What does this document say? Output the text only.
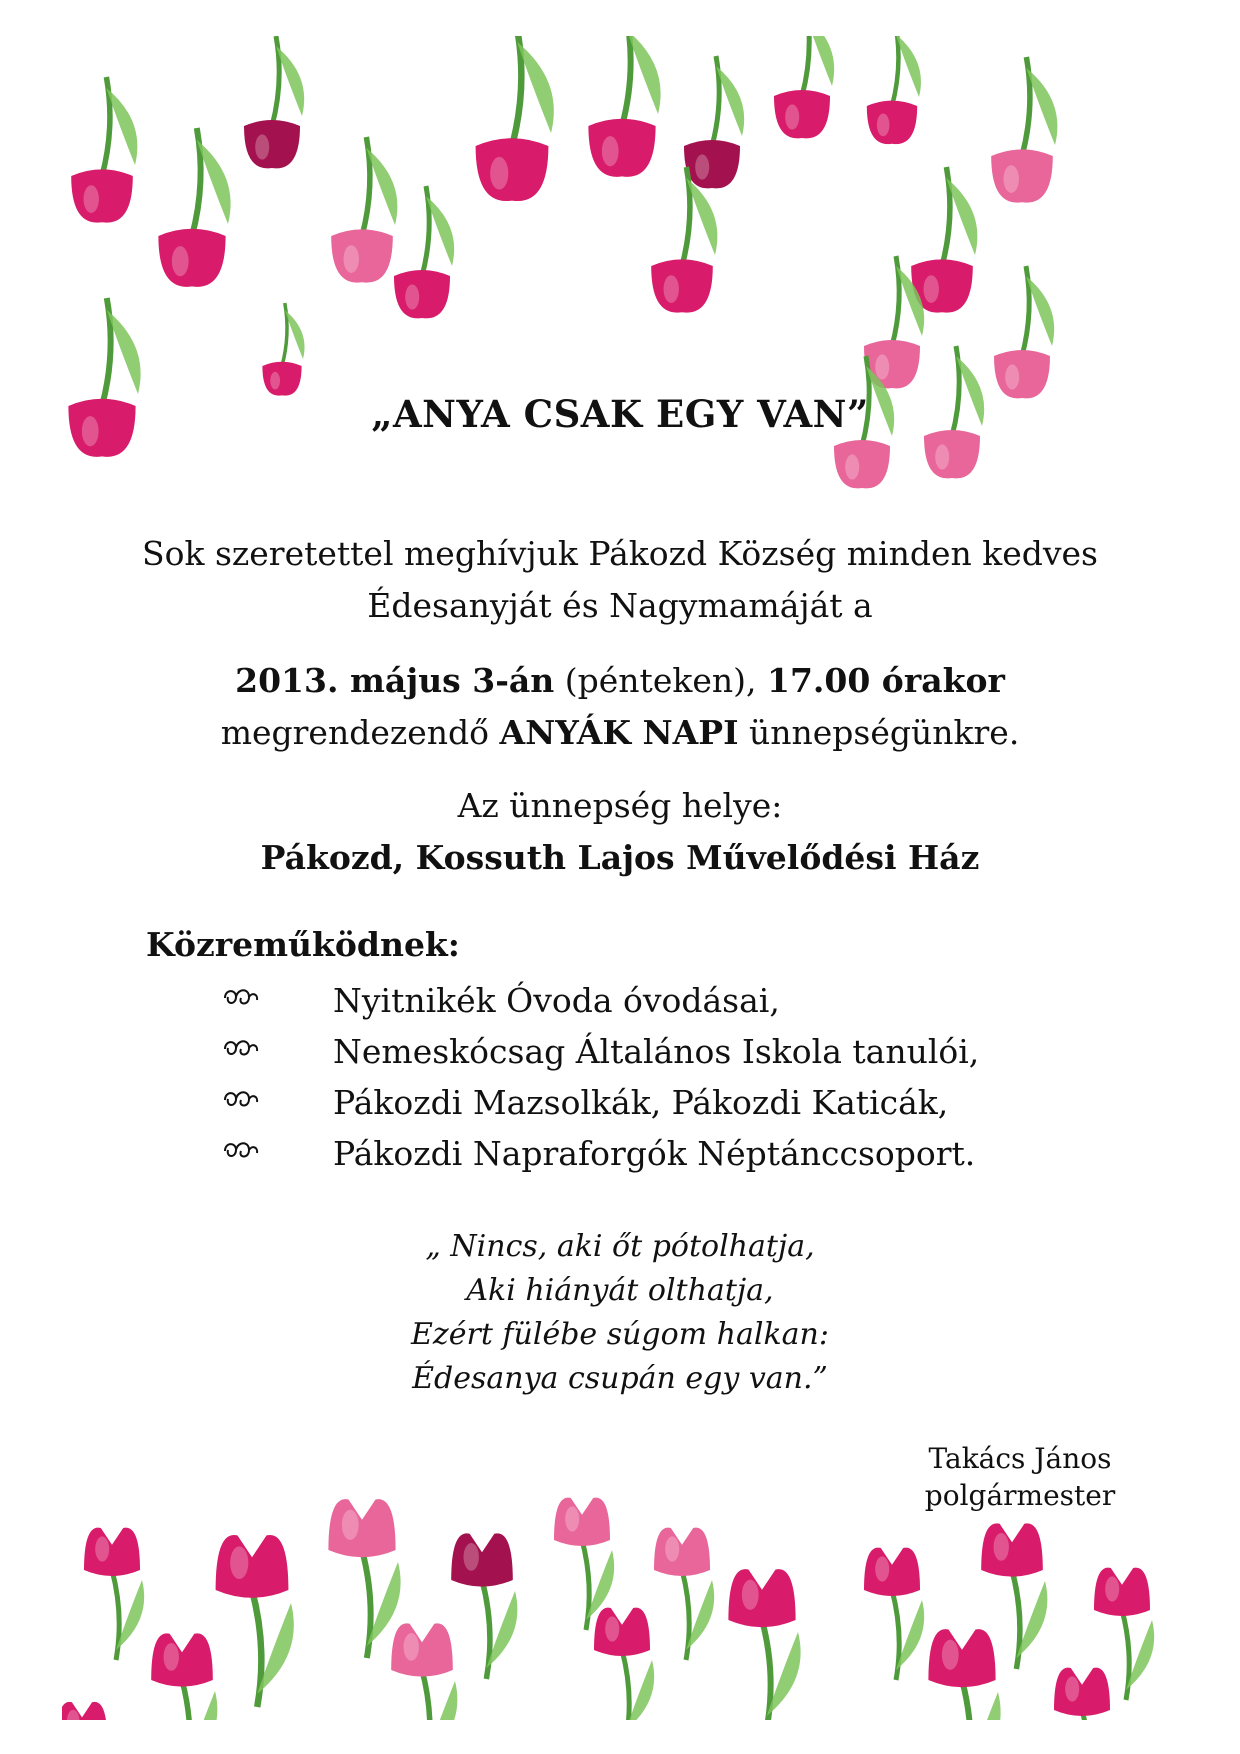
„ANYA CSAK EGY VAN”
Sok szeretettel meghívjuk Pákozd Község minden kedves
Édesanyját és Nagymamáját a
2013. május 3-án (pénteken), 17.00 órakor
megrendezendő ANYÁK NAPI ünnepségünkre.
Az ünnepség helye:
Pákozd, Kossuth Lajos Művelődési Ház
Közreműködnek:
Nyitnikék Óvoda óvodásai,
Nemeskócsag Általános Iskola tanulói,
Pákozdi Mazsolkák, Pákozdi Katicák,
Pákozdi Napraforgók Néptánccsoport.
„ Nincs, aki őt pótolhatja,
Aki hiányát olthatja,
Ezért fülébe súgom halkan:
Édesanya csupán egy van.”
Takács János
polgármester
